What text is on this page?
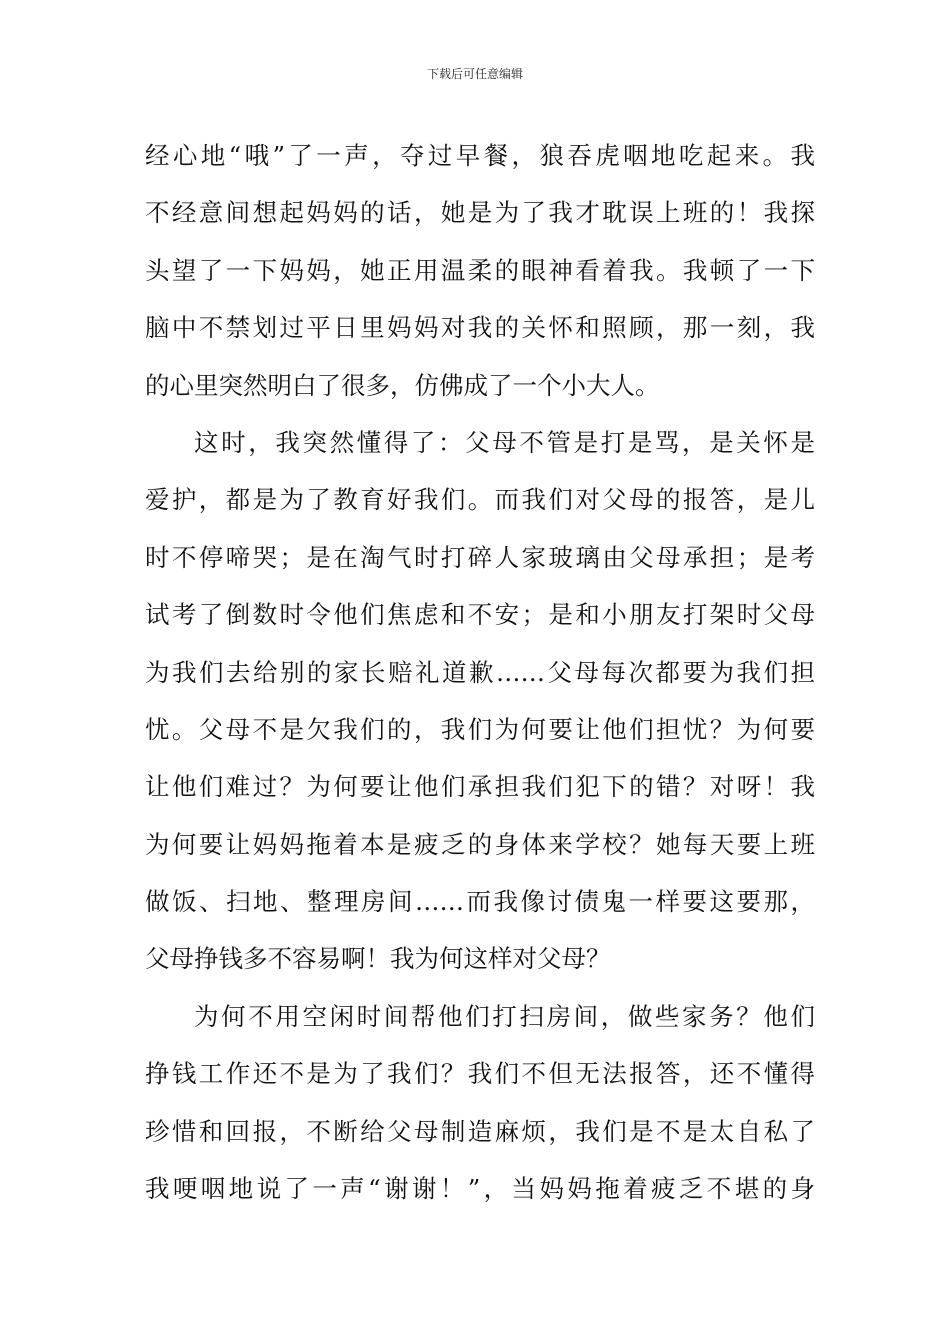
下载后可任意编辑
经心地“哦”了一声，夺过早餐，狼吞虎咽地吃起来。我
不经意间想起妈妈的话，她是为了我才耽误上班的！我探
头望了一下妈妈，她正用温柔的眼神看着我。我顿了一下
脑中不禁划过平日里妈妈对我的关怀和照顾，那一刻，我
的心里突然明白了很多，仿佛成了一个小大人。
这时，我突然懂得了：父母不管是打是骂，是关怀是
爱护，都是为了教育好我们。而我们对父母的报答，是儿
时不停啼哭；是在淘气时打碎人家玻璃由父母承担；是考
试考了倒数时令他们焦虑和不安；是和小朋友打架时父母
为我们去给别的家长赔礼道歉……父母每次都要为我们担
忧。父母不是欠我们的，我们为何要让他们担忧？为何要
让他们难过？为何要让他们承担我们犯下的错？对呀！我
为何要让妈妈拖着本是疲乏的身体来学校？她每天要上班
做饭、扫地、整理房间……而我像讨债鬼一样要这要那，
父母挣钱多不容易啊！我为何这样对父母？
为何不用空闲时间帮他们打扫房间，做些家务？他们
挣钱工作还不是为了我们？我们不但无法报答，还不懂得
珍惜和回报，不断给父母制造麻烦，我们是不是太自私了
我哽咽地说了一声“谢谢！”，当妈妈拖着疲乏不堪的身
